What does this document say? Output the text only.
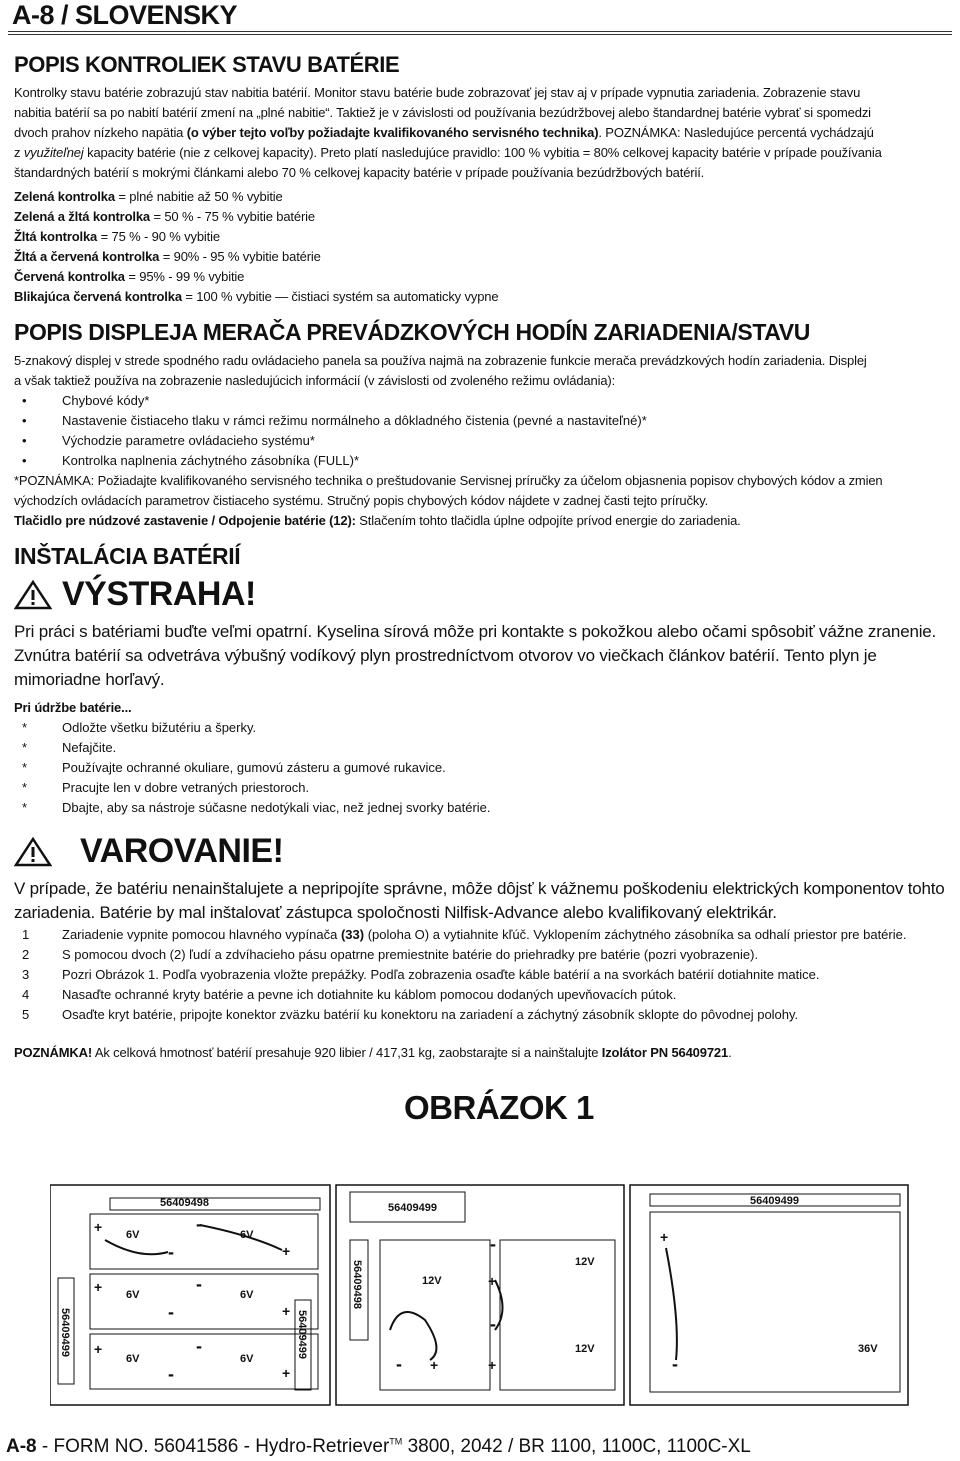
A-8 / SLOVENSKY
POPIS KONTROLIEK STAVU BATÉRIE
Kontrolky stavu batérie zobrazujú stav nabitia batérií. Monitor stavu batérie bude zobrazovať jej stav aj v prípade vypnutia zariadenia. Zobrazenie stavu
nabitia batérií sa po nabití batérií zmení na „plné nabitie“. Taktiež je v závislosti od používania bezúdržbovej alebo štandardnej batérie vybrať si spomedzi
dvoch prahov nízkeho napätia (o výber tejto voľby požiadajte kvalifikovaného servisného technika). POZNÁMKA: Nasledujúce percentá vychádzajú
z využiteľnej kapacity batérie (nie z celkovej kapacity). Preto platí nasledujúce pravidlo: 100 % vybitia = 80% celkovej kapacity batérie v prípade používania
štandardných batérií s mokrými článkami alebo 70 % celkovej kapacity batérie v prípade používania bezúdržbových batérií.
Zelená kontrolka = plné nabitie až 50 % vybitie
Zelená a žltá kontrolka = 50 % - 75 % vybitie batérie
Žltá kontrolka = 75 % - 90 % vybitie
Žltá a červená kontrolka = 90% - 95 % vybitie batérie
Červená kontrolka = 95% - 99 % vybitie
Blikajúca červená kontrolka = 100 % vybitie — čistiaci systém sa automaticky vypne
POPIS DISPLEJA MERAČA PREVÁDZKOVÝCH HODÍN ZARIADENIA/STAVU
5-znakový displej v strede spodného radu ovládacieho panela sa používa najmä na zobrazenie funkcie merača prevádzkových hodín zariadenia. Displej
a však taktiež používa na zobrazenie nasledujúcich informácií (v závislosti od zvoleného režimu ovládania):
•	Chybové kódy*
•	Nastavenie čistiaceho tlaku v rámci režimu normálneho a dôkladného čistenia (pevné a nastaviteľné)*
•	Východzie parametre ovládacieho systému*
•	Kontrolka naplnenia záchytného zásobníka (FULL)*
*POZNÁMKA: Požiadajte kvalifikovaného servisného technika o preštudovanie Servisnej príručky za účelom objasnenia popisov chybových kódov a zmien
východzích ovládacích parametrov čistiaceho systému. Stručný popis chybových kódov nájdete v zadnej časti tejto príručky.
Tlačidlo pre núdzové zastavenie / Odpojenie batérie (12): Stlačením tohto tlačidla úplne odpojíte prívod energie do zariadenia.
INŠTALÁCIA BATÉRIÍ
VÝSTRAHA!
Pri práci s batériami buďte veľmi opatrní. Kyselina sírová môže pri kontakte s pokožkou alebo očami spôsobiť vážne zranenie.
Zvnútra batérií sa odvetráva výbušný vodíkový plyn prostredníctvom otvorov vo viečkach článkov batérií. Tento plyn je
mimoriadne horľavý.
Pri údržbe batérie...
*	Odložte všetku bižutériu a šperky.
*	Nefajčite.
*	Používajte ochranné okuliare, gumovú zásteru a gumové rukavice.
*	Pracujte len v dobre vetraných priestoroch.
*	Dbajte, aby sa nástroje súčasne nedotýkali viac, než jednej svorky batérie.
VAROVANIE!
V prípade, že batériu nenainštalujete a nepripojíte správne, môže dôjsť k vážnemu poškodeniu elektrických komponentov tohto
zariadenia. Batérie by mal inštalovať zástupca spoločnosti Nilfisk-Advance alebo kvalifikovaný elektrikár.
1	Zariadenie vypnite pomocou hlavného vypínača (33) (poloha O) a vytiahnite kľúč. Vyklopením záchytného zásobníka sa odhalí priestor pre batérie.
2	S pomocou dvoch (2) ľudí a zdvíhacieho pásu opatrne premiestnite batérie do priehradky pre batérie (pozri vyobrazenie).
3	Pozri Obrázok 1. Podľa vyobrazenia vložte prepážky. Podľa zobrazenia osaďte káble batérií a na svorkách batérií dotiahnite matice.
4	Nasaďte ochranné kryty batérie a pevne ich dotiahnite ku káblom pomocou dodaných upevňovacích pútok.
5	Osaďte kryt batérie, pripojte konektor zväzku batérií ku konektoru na zariadení a záchytný zásobník sklopte do pôvodnej polohy.
POZNÁMKA! Ak celková hmotnosť batérií presahuje 920 libier / 417,31 kg, zaobstarajte si a nainštalujte Izolátor PN 56409721.
OBRÁZOK 1
56409499
56409498
6V	6V
6V	6V
6V	6V
+
-
-
+
+
-
-
+
+
-
-
+
56409499
56409499
56409498	12V
12V
12V
-
+
-
- +	+
56409499
+
-
36V
A-8 - FORM NO. 56041586 - Hydro-Retriever™ 3800, 2042 / BR 1100, 1100C, 1100C-XL
